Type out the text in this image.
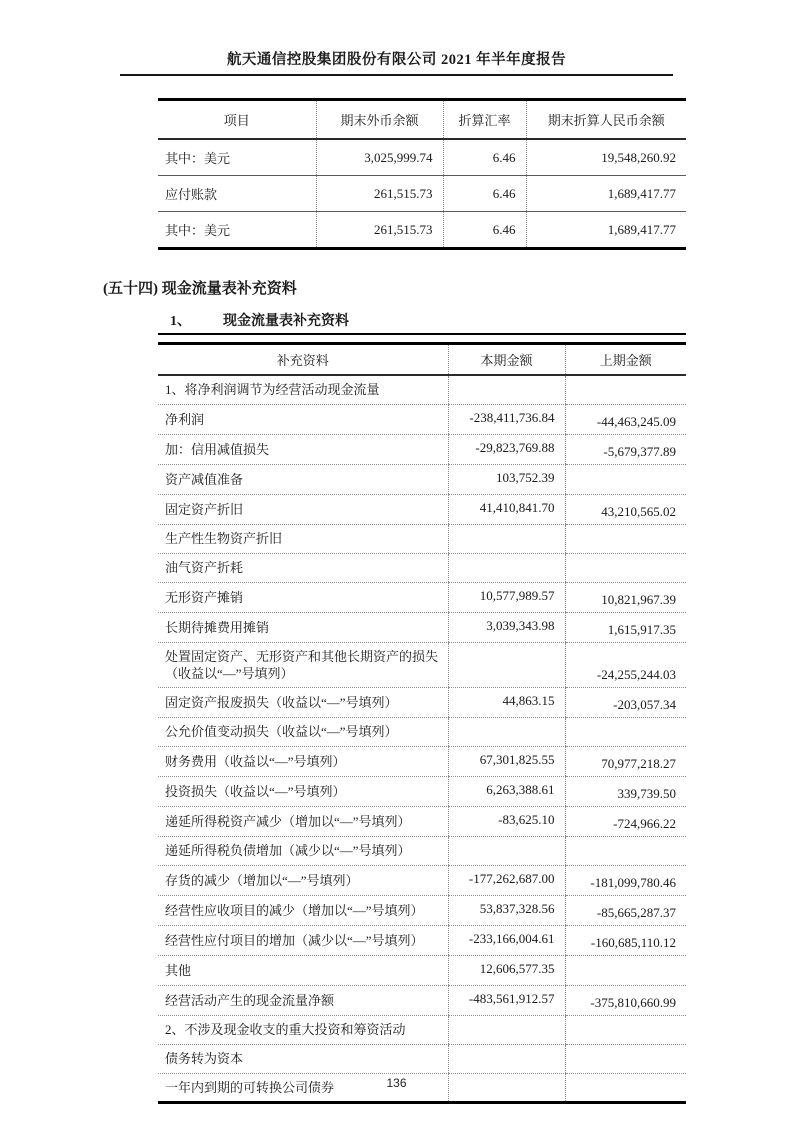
航天通信控股集团股份有限公司 2021 年半年度报告
项目	期末外币余额	折算汇率	期末折算人民币余额
其中：美元	3,025,999.74	6.46	19,548,260.92
应付账款	261,515.73	6.46	1,689,417.77
其中：美元	261,515.73	6.46	1,689,417.77
(五十四) 现金流量表补充资料
1、 现金流量表补充资料
补充资料	本期金额	上期金额
1、将净利润调节为经营活动现金流量		
净利润	-238,411,736.84	-44,463,245.09
加：信用减值损失	-29,823,769.88	-5,679,377.89
资产减值准备	103,752.39	
固定资产折旧	41,410,841.70	43,210,565.02
生产性生物资产折旧		
油气资产折耗		
无形资产摊销	10,577,989.57	10,821,967.39
长期待摊费用摊销	3,039,343.98	1,615,917.35
处置固定资产、无形资产和其他长期资产的损失（收益以“—”号填列）		-24,255,244.03
固定资产报废损失（收益以“—”号填列）	44,863.15	-203,057.34
公允价值变动损失（收益以“—”号填列）		
财务费用（收益以“—”号填列）	67,301,825.55	70,977,218.27
投资损失（收益以“—”号填列）	6,263,388.61	339,739.50
递延所得税资产减少（增加以“—”号填列）	-83,625.10	-724,966.22
递延所得税负债增加（减少以“—”号填列）		
存货的减少（增加以“—”号填列）	-177,262,687.00	-181,099,780.46
经营性应收项目的减少（增加以“—”号填列）	53,837,328.56	-85,665,287.37
经营性应付项目的增加（减少以“—”号填列）	-233,166,004.61	-160,685,110.12
其他	12,606,577.35	
经营活动产生的现金流量净额	-483,561,912.57	-375,810,660.99
2、不涉及现金收支的重大投资和筹资活动		
债务转为资本		
一年内到期的可转换公司债券			136
